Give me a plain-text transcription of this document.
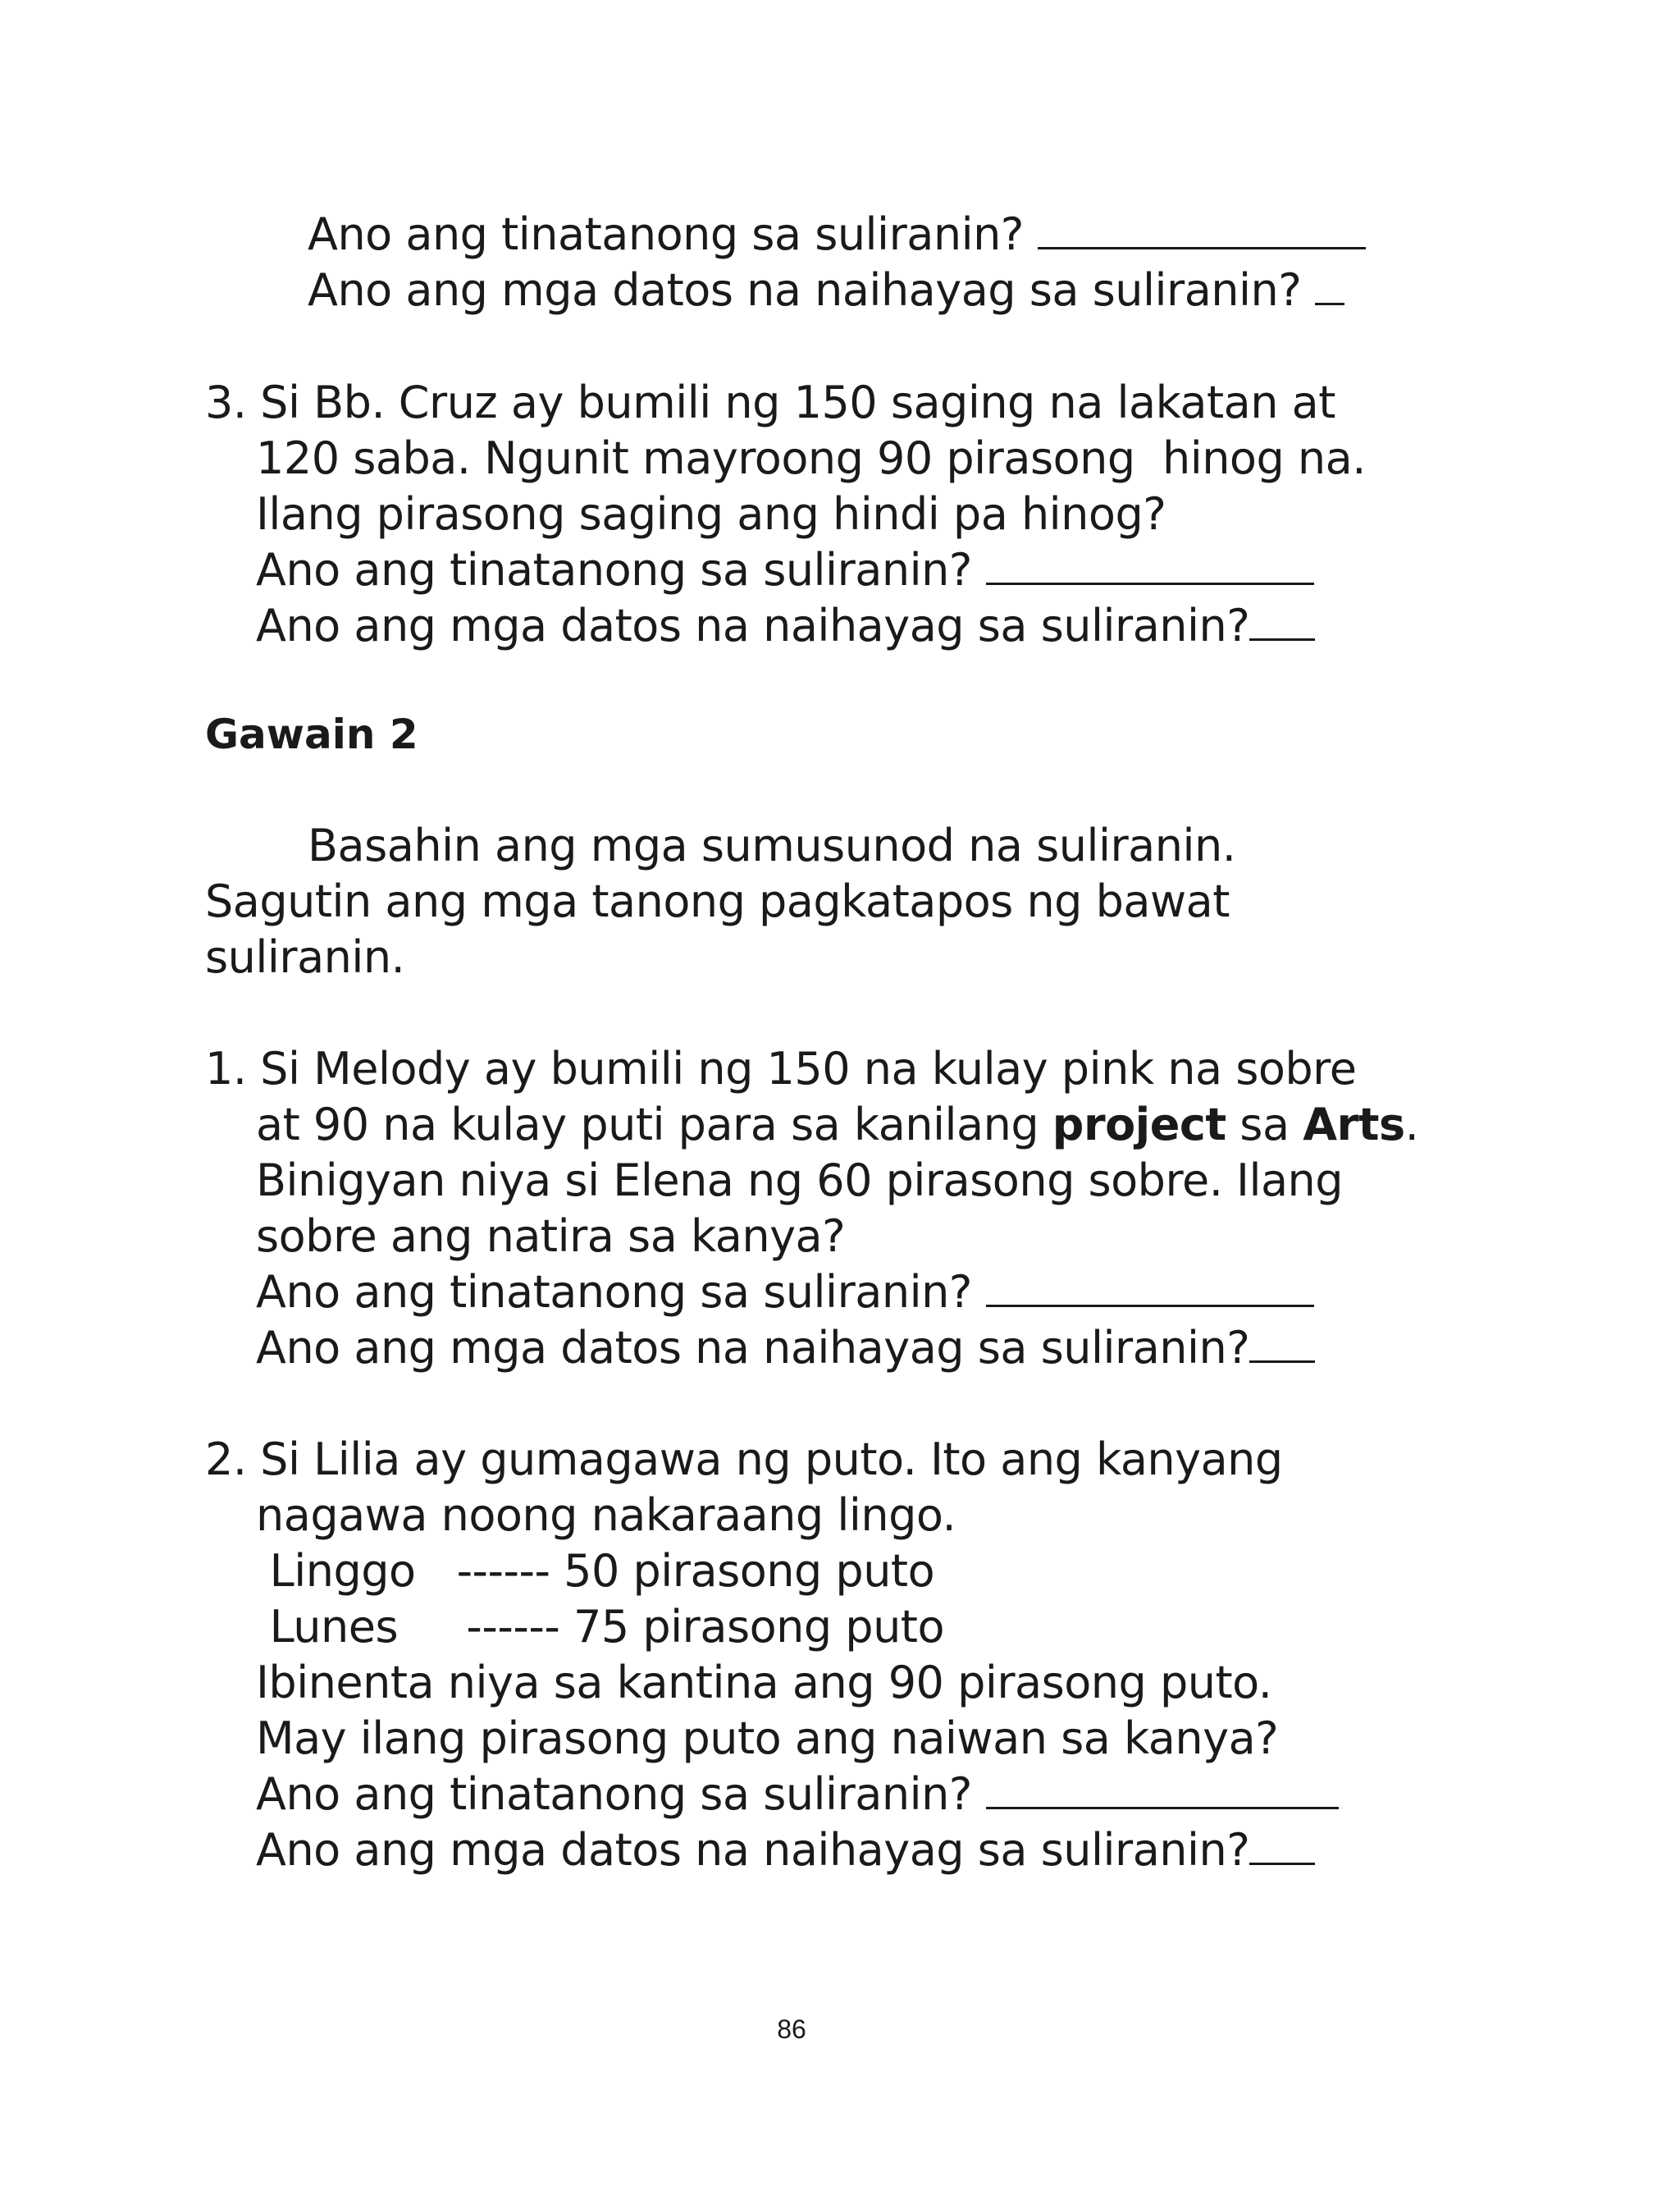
Ano ang tinatanong sa suliranin?
Ano ang mga datos na naihayag sa suliranin?
3. Si Bb. Cruz ay bumili ng 150 saging na lakatan at
120 saba. Ngunit mayroong 90 pirasong  hinog na.
Ilang pirasong saging ang hindi pa hinog?
Ano ang tinatanong sa suliranin?
Ano ang mga datos na naihayag sa suliranin?
Gawain 2
Basahin ang mga sumusunod na suliranin.
Sagutin ang mga tanong pagkatapos ng bawat
suliranin.
1. Si Melody ay bumili ng 150 na kulay pink na sobre
at 90 na kulay puti para sa kanilang project sa Arts.
Binigyan niya si Elena ng 60 pirasong sobre. Ilang
sobre ang natira sa kanya?
Ano ang tinatanong sa suliranin?
Ano ang mga datos na naihayag sa suliranin?
2. Si Lilia ay gumagawa ng puto. Ito ang kanyang
nagawa noong nakaraang lingo.
Linggo   ------ 50 pirasong puto
Lunes     ------ 75 pirasong puto
Ibinenta niya sa kantina ang 90 pirasong puto.
May ilang pirasong puto ang naiwan sa kanya?
Ano ang tinatanong sa suliranin?
Ano ang mga datos na naihayag sa suliranin?
86
